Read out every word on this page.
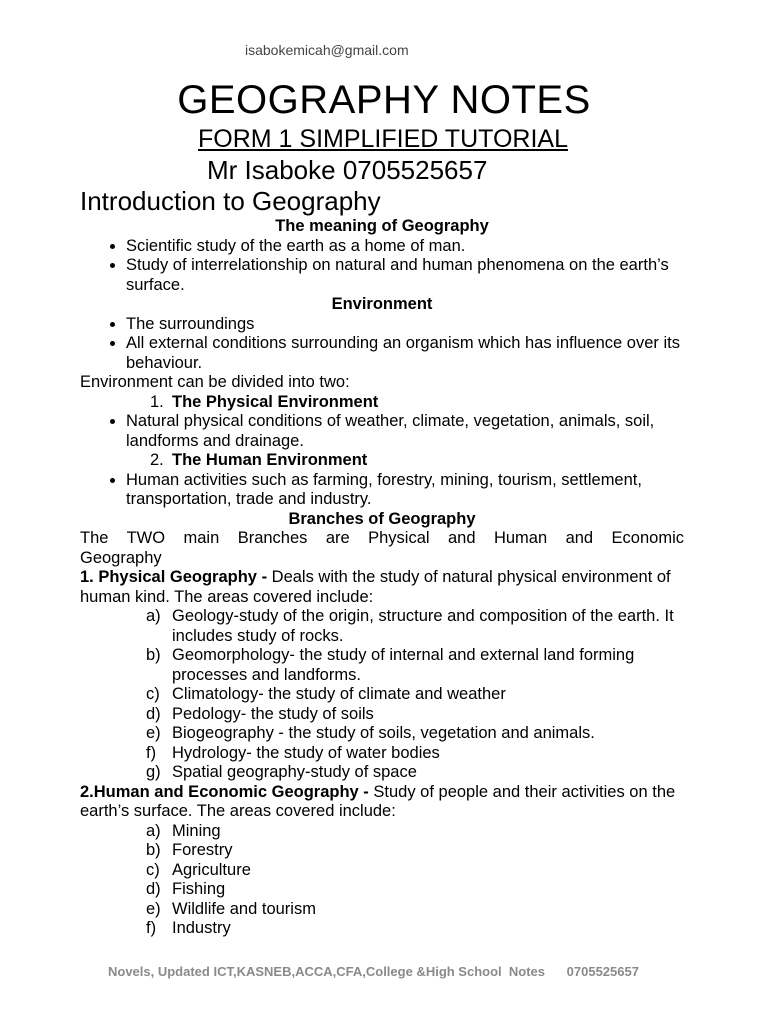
isabokemicah@gmail.com
GEOGRAPHY NOTES
FORM 1 SIMPLIFIED TUTORIAL
Mr Isaboke 0705525657
Introduction to Geography
The meaning of Geography
• Scientific study of the earth as a home of man.
• Study of interrelationship on natural and human phenomena on the earth’s surface.
Environment
• The surroundings
• All external conditions surrounding an organism which has influence over its behaviour.
Environment can be divided into two:
1. The Physical Environment
• Natural physical conditions of weather, climate, vegetation, animals, soil, landforms and drainage.
2. The Human Environment
• Human activities such as farming, forestry, mining, tourism, settlement, transportation, trade and industry.
Branches of Geography
The TWO main Branches are Physical and Human and Economic
Geography
1. Physical Geography - Deals with the study of natural physical environment of human kind. The areas covered include:
a) Geology-study of the origin, structure and composition of the earth. It includes study of rocks.
b) Geomorphology- the study of internal and external land forming processes and landforms.
c) Climatology- the study of climate and weather
d) Pedology- the study of soils
e) Biogeography - the study of soils, vegetation and animals.
f) Hydrology- the study of water bodies
g) Spatial geography-study of space
2.Human and Economic Geography - Study of people and their activities on the earth’s surface. The areas covered include:
a) Mining
b) Forestry
c) Agriculture
d) Fishing
e) Wildlife and tourism
f) Industry
Novels, Updated ICT,KASNEB,ACCA,CFA,College &High School  Notes      0705525657
